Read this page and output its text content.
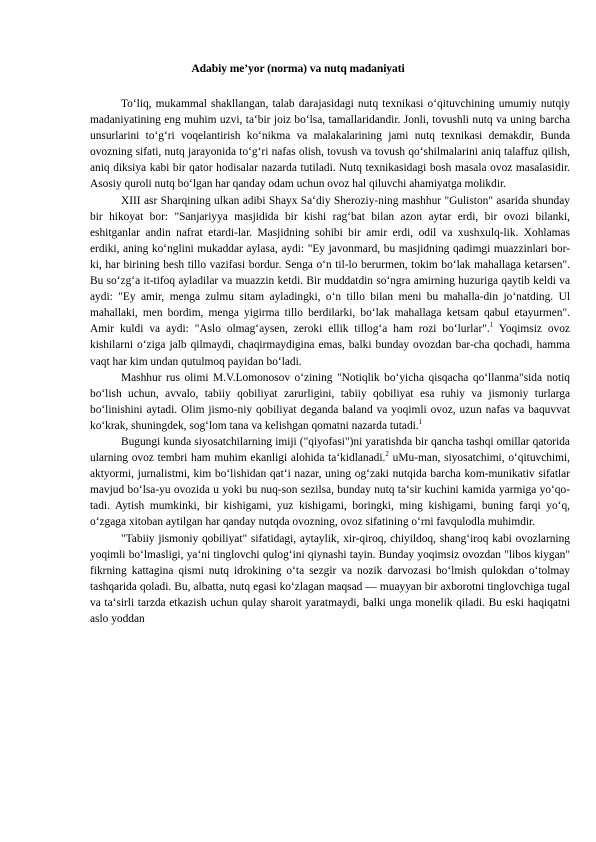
Adabiy me’yor (norma) va nutq madaniyati

To‘liq, mukammal shakllangan, talab darajasidagi nutq texnikasi o‘qituvchining umumiy nutqiy madaniyatining eng muhim uzvi, ta‘bir joiz bo‘lsa, tamallaridandir. Jonli, tovushli nutq va uning barcha unsurlarini to‘g‘ri voqelantirish ko‘nikma va malakalarining jami nutq texnikasi demakdir, Bunda ovozning sifati, nutq jarayonida to‘g‘ri nafas olish, tovush va tovush qo‘shilmalarini aniq talaffuz qilish, aniq diksiya kabi bir qator hodisalar nazarda tutiladi. Nutq texnikasidagi bosh masala ovoz masalasidir. Asosiy quroli nutq bo‘lgan har qanday odam uchun ovoz hal qiluvchi ahamiyatga molikdir.

XIII asr Sharqining ulkan adibi Shayx Sa‘diy Sheroziy-ning mashhur "Guliston" asarida shunday bir hikoyat bor: "Sanjariyya masjidida bir kishi rag‘bat bilan azon aytar erdi, bir ovozi bilanki, eshitganlar andin nafrat etardi-lar. Masjidning sohibi bir amir erdi, odil va xushxulq-lik. Xohlamas erdiki, aning ko‘nglini mukaddar aylasa, aydi: "Ey javonmard, bu masjidning qadimgi muazzinlari bor-ki, har birining besh tillo vazifasi bordur. Senga o‘n til-lo berurmen, tokim bo‘lak mahallaga ketarsen". Bu so‘zg‘a it-tifoq ayladilar va muazzin ketdi. Bir muddatdin so‘ngra amirning huzuriga qaytib keldi va aydi: "Ey amir, menga zulmu sitam ayladingki, o‘n tillo bilan meni bu mahalla-din jo‘natding. Ul mahallaki, men bordim, menga yigirma tillo berdilarki, bo‘lak mahallaga ketsam qabul etayurmen". Amir kuldi va aydi: "Aslo olmag‘aysen, zeroki ellik tillog‘a ham rozi bo‘lurlar".$^1$ Yoqimsiz ovoz kishilarni o‘ziga jalb qilmaydi, chaqirmaydigina emas, balki bunday ovozdan bar-cha qochadi, hamma vaqt har kim undan qutulmoq payidan bo‘ladi.

Mashhur rus olimi M.V.Lomonosov o‘zining "Notiqlik bo‘yicha qisqacha qo‘llanma"sida notiq bo‘lish uchun, avvalo, tabiiy qobiliyat zarurligini, tabiiy qobiliyat esa ruhiy va jismoniy turlarga bo‘linishini aytadi. Olim jismo-niy qobiliyat deganda baland va yoqimli ovoz, uzun nafas va baquvvat ko‘krak, shuningdek, sog‘lom tana va kelishgan qomatni nazarda tutadi.$^1$

Bugungi kunda siyosatchilarning imiji ("qiyofasi")ni yaratishda bir qancha tashqi omillar qatorida ularning ovoz tembri ham muhim ekanligi alohida ta‘kidlanadi.$^2$ uMu-man, siyosatchimi, o‘qituvchimi, aktyormi, jurnalistmi, kim bo‘lishidan qat‘i nazar, uning og‘zaki nutqida barcha kom-munikativ sifatlar mavjud bo‘lsa-yu ovozida u yoki bu nuq-son sezilsa, bunday nutq ta‘sir kuchini kamida yarmiga yo‘qo-tadi. Aytish mumkinki, bir kishigami, yuz kishigami, boringki, ming kishigami, buning farqi yo‘q, o‘zgaga xitoban aytilgan har qanday nutqda ovozning, ovoz sifatining o‘rni favqulodla muhimdir.

"Tabiiy jismoniy qobiliyat" sifatidagi, aytaylik, xir-qiroq, chiyildoq, shang‘iroq kabi ovozlarning yoqimli bo‘lmasligi, ya‘ni tinglovchi qulog‘ini qiynashi tayin. Bunday yoqimsiz ovozdan "libos kiygan" fikrning kattagina qismi nutq idrokining o‘ta sezgir va nozik darvozasi bo‘lmish qulokdan o‘tolmay tashqarida qoladi. Bu, albatta, nutq egasi ko‘zlagan maqsad — muayyan bir axborotni tinglovchiga tugal va ta‘sirli tarzda etkazish uchun qulay sharoit yaratmaydi, balki unga monelik qiladi. Bu eski haqiqatni aslo yoddan
